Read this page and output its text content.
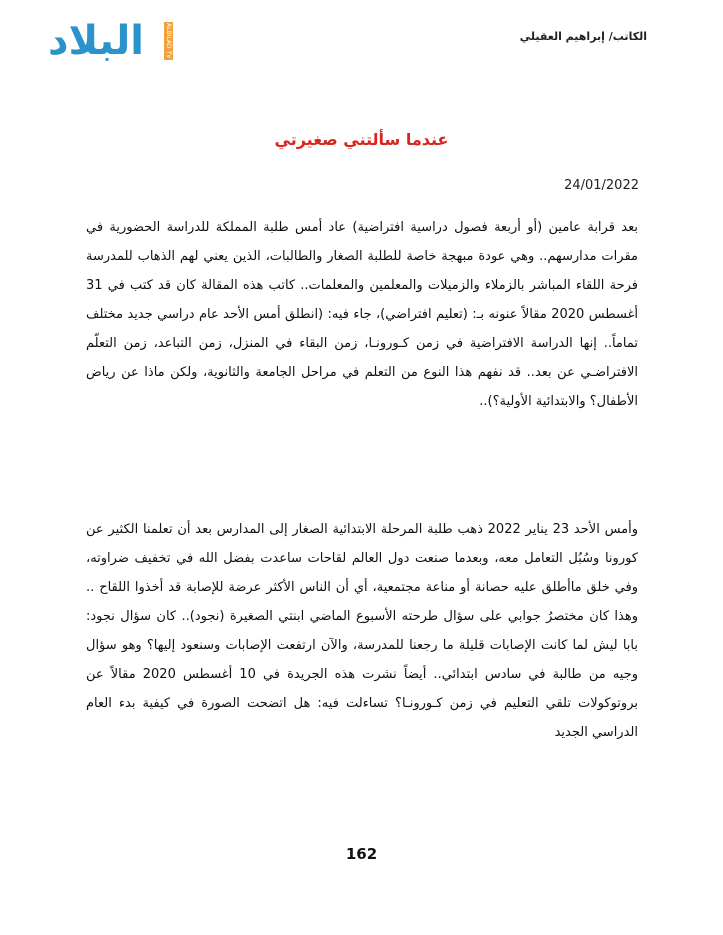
البلاد	ALBILAD TV	الكاتب/ إبراهيم العقيلي
عندما سألتني صغيرتي
24/01/2022
بعد قرابة عامين (أو أربعة فصول دراسية افتراضية) عاد أمس طلبة المملكة للدراسة الحضورية في مقرات مدارسهم.. وهي عودة مبهجة خاصة للطلبة الصغار والطالبات، الذين يعني لهم الذهاب للمدرسة فرحة اللقاء المباشر بالزملاء والزميلات والمعلمين والمعلمات.. كاتب هذه المقالة كان قد كتب في 31 أغسطس 2020 مقالاً عنونه بـ: (تعليم افتراضي)، جاء فيه: (انطلق أمس الأحد عام دراسي جديد مختلف تماماً.. إنها الدراسة الافتراضية في زمن كـورونـا، زمن البقاء في المنزل، زمن التباعد، زمن التعلّم الافتراضـي عن بعد.. قد نفهم هذا النوع من التعلم في مراحل الجامعة والثانوية، ولكن ماذا عن رياض الأطفال؟ والابتدائية الأولية؟)..
وأمس الأحد 23 يناير 2022 ذهب طلبة المرحلة الابتدائية الصغار إلى المدارس بعد أن تعلمنا الكثير عن كورونا وسُبُل التعامل معه، وبعدما صنعت دول العالم لقاحات ساعدت بفضل الله في تخفيف ضراوته، وفي خلق ماأطلق عليه حصانة أو مناعة مجتمعية، أي أن الناس الأكثر عرضة للإصابة قد أخذوا اللقاح .. وهذا كان مختصرُ جوابي على سؤال طرحته الأسبوع الماضي ابنتي الصغيرة (نجود).. كان سؤال نجود: بابا ليش لما كانت الإصابات قليلة ما رجعنا للمدرسة، والآن ارتفعت الإصابات وسنعود إليها؟ وهو سؤال وجيه من طالبة في سادس ابتدائي.. أيضاً نشرت هذه الجريدة في 10 أغسطس 2020 مقالاً عن بروتوكولات تلقي التعليم في زمن كـورونـا؟ تساءلت فيه: هل اتضحت الصورة في كيفية بدء العام الدراسي الجديد
162
